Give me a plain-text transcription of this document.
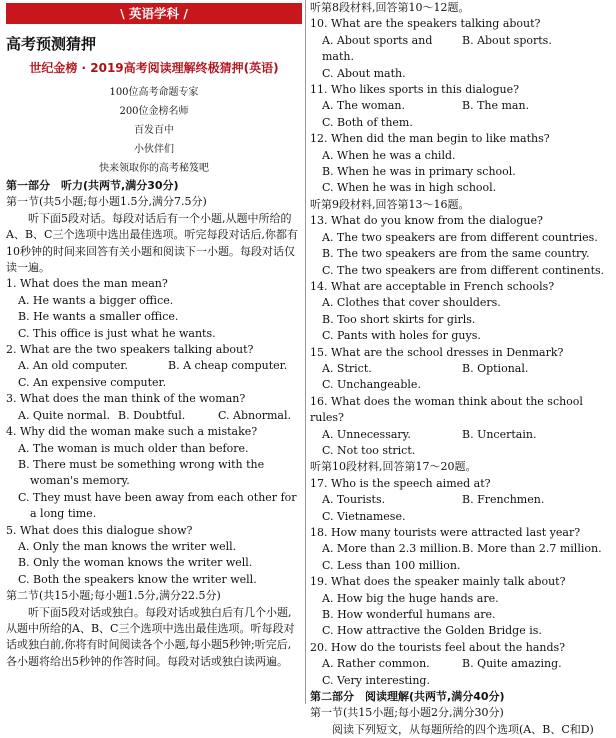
\ 英语学科 /
高考预测猜押
世纪金榜 · 2019高考阅读理解终极猜押(英语)

100位高考命题专家

200位金榜名师

百发百中

小伙伴们

快来领取你的高考秘笈吧

第一部分　听力(共两节,满分30分)

第一节(共5小题;每小题1.5分,满分7.5分)

听下面5段对话。每段对话后有一个小题,从题中所给的A、B、C三个选项中选出最佳选项。听完每段对话后,你都有10秒钟的时间来回答有关小题和阅读下一小题。每段对话仅读一遍。

1. What does the man mean?

A. He wants a bigger office.

B. He wants a smaller office.

C. This office is just what he wants.

2. What are the two speakers talking about?

A. An old computer.	B. A cheap computer.

C. An expensive computer.

3. What does the man think of the woman?

A. Quite normal. B. Doubtful.	C. Abnormal.

4. Why did the woman make such a mistake?

A. The woman is much older than before.

B. There must be something wrong with the woman's memory.

C. They must have been away from each other for a long time.

5. What does this dialogue show?

A. Only the man knows the writer well.

B. Only the woman knows the writer well.

C. Both the speakers know the writer well.

第二节(共15小题;每小题1.5分,满分22.5分)

听下面5段对话或独白。每段对话或独白后有几个小题,从题中所给的A、B、C三个选项中选出最佳选项。听每段对话或独白前,你将有时间阅读各个小题,每小题5秒钟;听完后,各小题将给出5秒钟的作答时间。每段对话或独白读两遍。

听第8段材料,回答第10～12题。

10. What are the speakers talking about?

A. About sports and math.
B. About sports.

C. About math.

11. Who likes sports in this dialogue?

A. The woman.	B. The man.

C. Both of them.

12. When did the man begin to like maths?

A. When he was a child.

B. When he was in primary school.

C. When he was in high school.

听第9段材料,回答第13～16题。

13. What do you know from the dialogue?

A. The two speakers are from different countries.

B. The two speakers are from the same country.

C. The two speakers are from different continents.

14. What are acceptable in French schools?

A. Clothes that cover shoulders.

B. Too short skirts for girls.

C. Pants with holes for guys.

15. What are the school dresses in Denmark?

A. Strict.	B. Optional.

C. Unchangeable.

16. What does the woman think about the school rules?

A. Unnecessary.	B. Uncertain.

C. Not too strict.

听第10段材料,回答第17～20题。

17. Who is the speech aimed at?

A. Tourists.	B. Frenchmen.

C. Vietnamese.

18. How many tourists were attracted last year?

A. More than 2.3 million. B. More than 2.7 million.

C. Less than 100 million.

19. What does the speaker mainly talk about?

A. How big the huge hands are.

B. How wonderful humans are.

C. How attractive the Golden Bridge is.

20. How do the tourists feel about the hands?

A. Rather common.	B. Quite amazing.

C. Very interesting.

第二部分　阅读理解(共两节,满分40分)

第一节(共15小题;每小题2分,满分30分)

阅读下列短文，从每题所给的四个选项(A、B、C和D)
